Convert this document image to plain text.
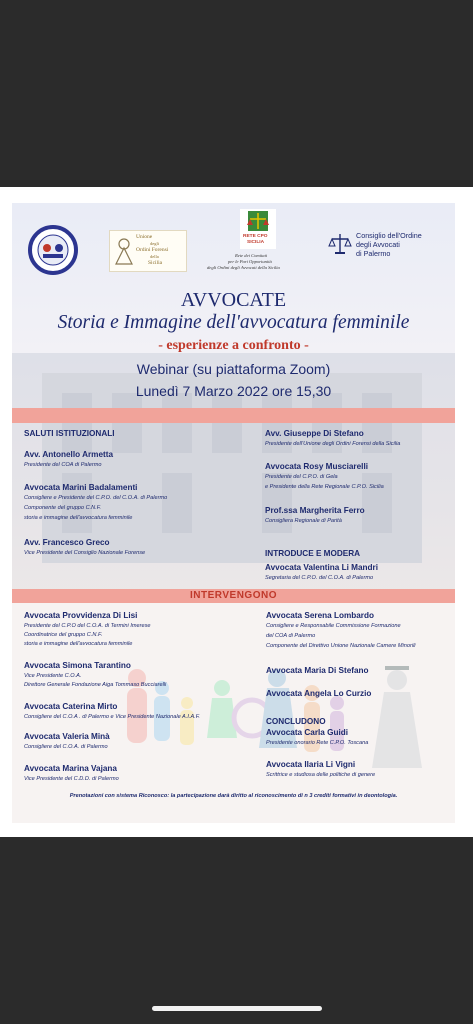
Unione
degli
Ordini Forensi
della
Sicilia
RETE CPO
SICILIA
Rete dei Comitati
per le Pari Opportunità
degli Ordini degli Avvocati della Sicilia
Consiglio dell'Ordine
degli Avvocati
di Palermo
AVVOCATE
Storia e Immagine dell'avvocatura femminile
- esperienze a confronto -
Webinar (su piattaforma Zoom)
Lunedì 7 Marzo 2022 ore 15,30
SALUTI ISTITUZIONALI
Avv. Antonello Armetta
Presidente del COA di Palermo
Avvocata Marini Badalamenti
Consigliere e Presidente del C.P.O. del C.O.A. di Palermo
Componente del gruppo C.N.F.
storia e immagine dell'avvocatura femminile
Avv. Francesco Greco
Vice Presidente del Consiglio Nazionale Forense
Avv. Giuseppe Di Stefano
Presidente dell'Unione degli Ordini Forensi della Sicilia
Avvocata Rosy Musciarelli
Presidente del C.P.O. di Gela
e Presidente della Rete Regionale C.P.O. Sicilia
Prof.ssa Margherita Ferro
Consigliera Regionale di Parità
INTRODUCE E MODERA
Avvocata Valentina Li Mandri
Segretaria del C.P.O. del C.O.A. di Palermo
INTERVENGONO
Avvocata Provvidenza Di Lisi
Presidente del C.P.O del C.O.A. di Termini Imerese
Coordinatrice del gruppo C.N.F.
storia e immagine dell'avvocatura femminile
Avvocata Simona Tarantino
Vice Presidente C.O.A.
Direttore Generale Fondazione Aiga Tommaso Bucciarelli
Avvocata Caterina Mirto
Consigliere del C.O.A . di Palermo e Vice Presidente Nazionale A.I.A.F.
Avvocata Valeria Minà
Consigliere del C.O.A. di Palermo
Avvocata Marina Vajana
Vice Presidente del C.D.D. di Palermo
Avvocata Serena Lombardo
Consigliere e Responsabile Commissione Formazione
del COA di Palermo
Componente del Direttivo Unione Nazionale Camere Minorili
Avvocata Maria Di Stefano
Avvocata Angela Lo Curzio
CONCLUDONO
Avvocata Carla Guidi
Presidente onorario Rete C.P.O. Toscana
Avvocata Ilaria Li Vigni
Scrittrice e studiosa delle politiche di genere
Prenotazioni con sistema Riconosco: la partecipazione darà diritto al riconoscimento di n 3 crediti formativi in deontologia.
